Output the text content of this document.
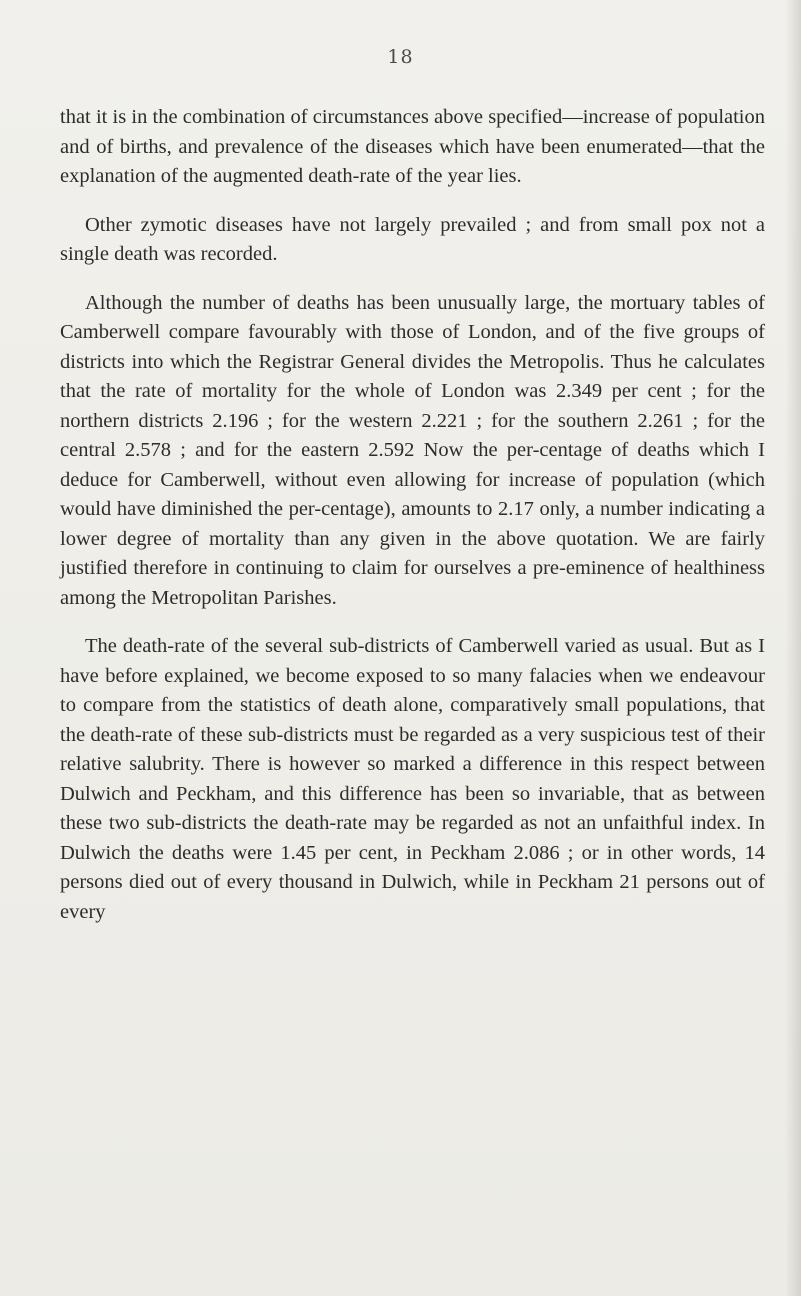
18

that it is in the combination of circumstances above specified—increase of population and of births, and prevalence of the diseases which have been enumerated—that the explanation of the augmented death-rate of the year lies.

Other zymotic diseases have not largely prevailed ; and from small pox not a single death was recorded.

Although the number of deaths has been unusually large, the mortuary tables of Camberwell compare favourably with those of London, and of the five groups of districts into which the Registrar General divides the Metropolis. Thus he calculates that the rate of mortality for the whole of London was 2.349 per cent ; for the northern districts 2.196 ; for the western 2.221 ; for the southern 2.261 ; for the central 2.578 ; and for the eastern 2.592 Now the per-centage of deaths which I deduce for Camberwell, without even allowing for increase of population (which would have diminished the per-centage), amounts to 2.17 only, a number indicating a lower degree of mortality than any given in the above quotation. We are fairly justified therefore in continuing to claim for ourselves a pre-eminence of healthiness among the Metropolitan Parishes.

The death-rate of the several sub-districts of Camberwell varied as usual. But as I have before explained, we become exposed to so many falacies when we endeavour to compare from the statistics of death alone, comparatively small populations, that the death-rate of these sub-districts must be regarded as a very suspicious test of their relative salubrity. There is however so marked a difference in this respect between Dulwich and Peckham, and this difference has been so invariable, that as between these two sub-districts the death-rate may be regarded as not an unfaithful index. In Dulwich the deaths were 1.45 per cent, in Peckham 2.086 ; or in other words, 14 persons died out of every thousand in Dulwich, while in Peckham 21 persons out of every
